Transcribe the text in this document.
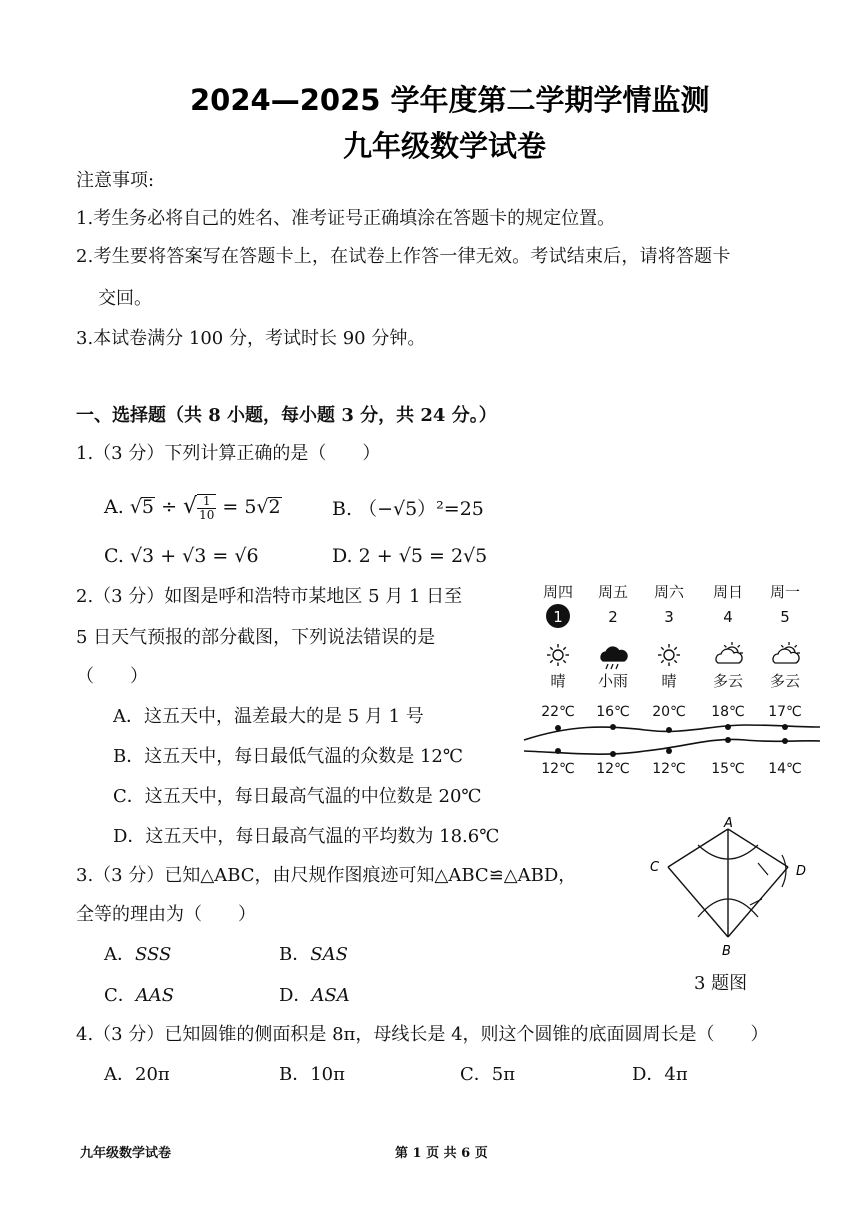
2024—2025 学年度第二学期学情监测
九年级数学试卷
注意事项:
1.考生务必将自己的姓名、准考证号正确填涂在答题卡的规定位置。
2.考生要将答案写在答题卡上，在试卷上作答一律无效。考试结束后，请将答题卡
交回。
3.本试卷满分 100 分，考试时长 90 分钟。
一、选择题（共 8 小题，每小题 3 分，共 24 分。）
1.（3 分）下列计算正确的是（　　）
A. √5 ÷ √ $\frac{1}{10} = 5√2$	B. （−√5）²=25
C. √3 + √3 = √6	D. 2 + √5 = 2√5
2.（3 分）如图是呼和浩特市某地区 5 月 1 日至
5 日天气预报的部分截图，下列说法错误的是
（　　）
A．这五天中，温差最大的是 5 月 1 号
B．这五天中，每日最低气温的众数是 12℃
C．这五天中，每日最高气温的中位数是 20℃
D．这五天中，每日最高气温的平均数为 18.6℃
周四
1
晴
22℃
12℃
周五
2
小雨
16℃
12℃
周六
3
晴
20℃
12℃
周日
4
多云
18℃
15℃
周一
5
多云
17℃
14℃
A
C	D
B
3 题图
3.（3 分）已知△ABC，由尺规作图痕迹可知△ABC≌△ABD，
全等的理由为（　　）
A．SSS	B．SAS
C．AAS	D．ASA
4.（3 分）已知圆锥的侧面积是 8π，母线长是 4，则这个圆锥的底面圆周长是（　　）
A．20π	B．10π	C．5π	D．4π
九年级数学试卷	第 1 页 共 6 页
